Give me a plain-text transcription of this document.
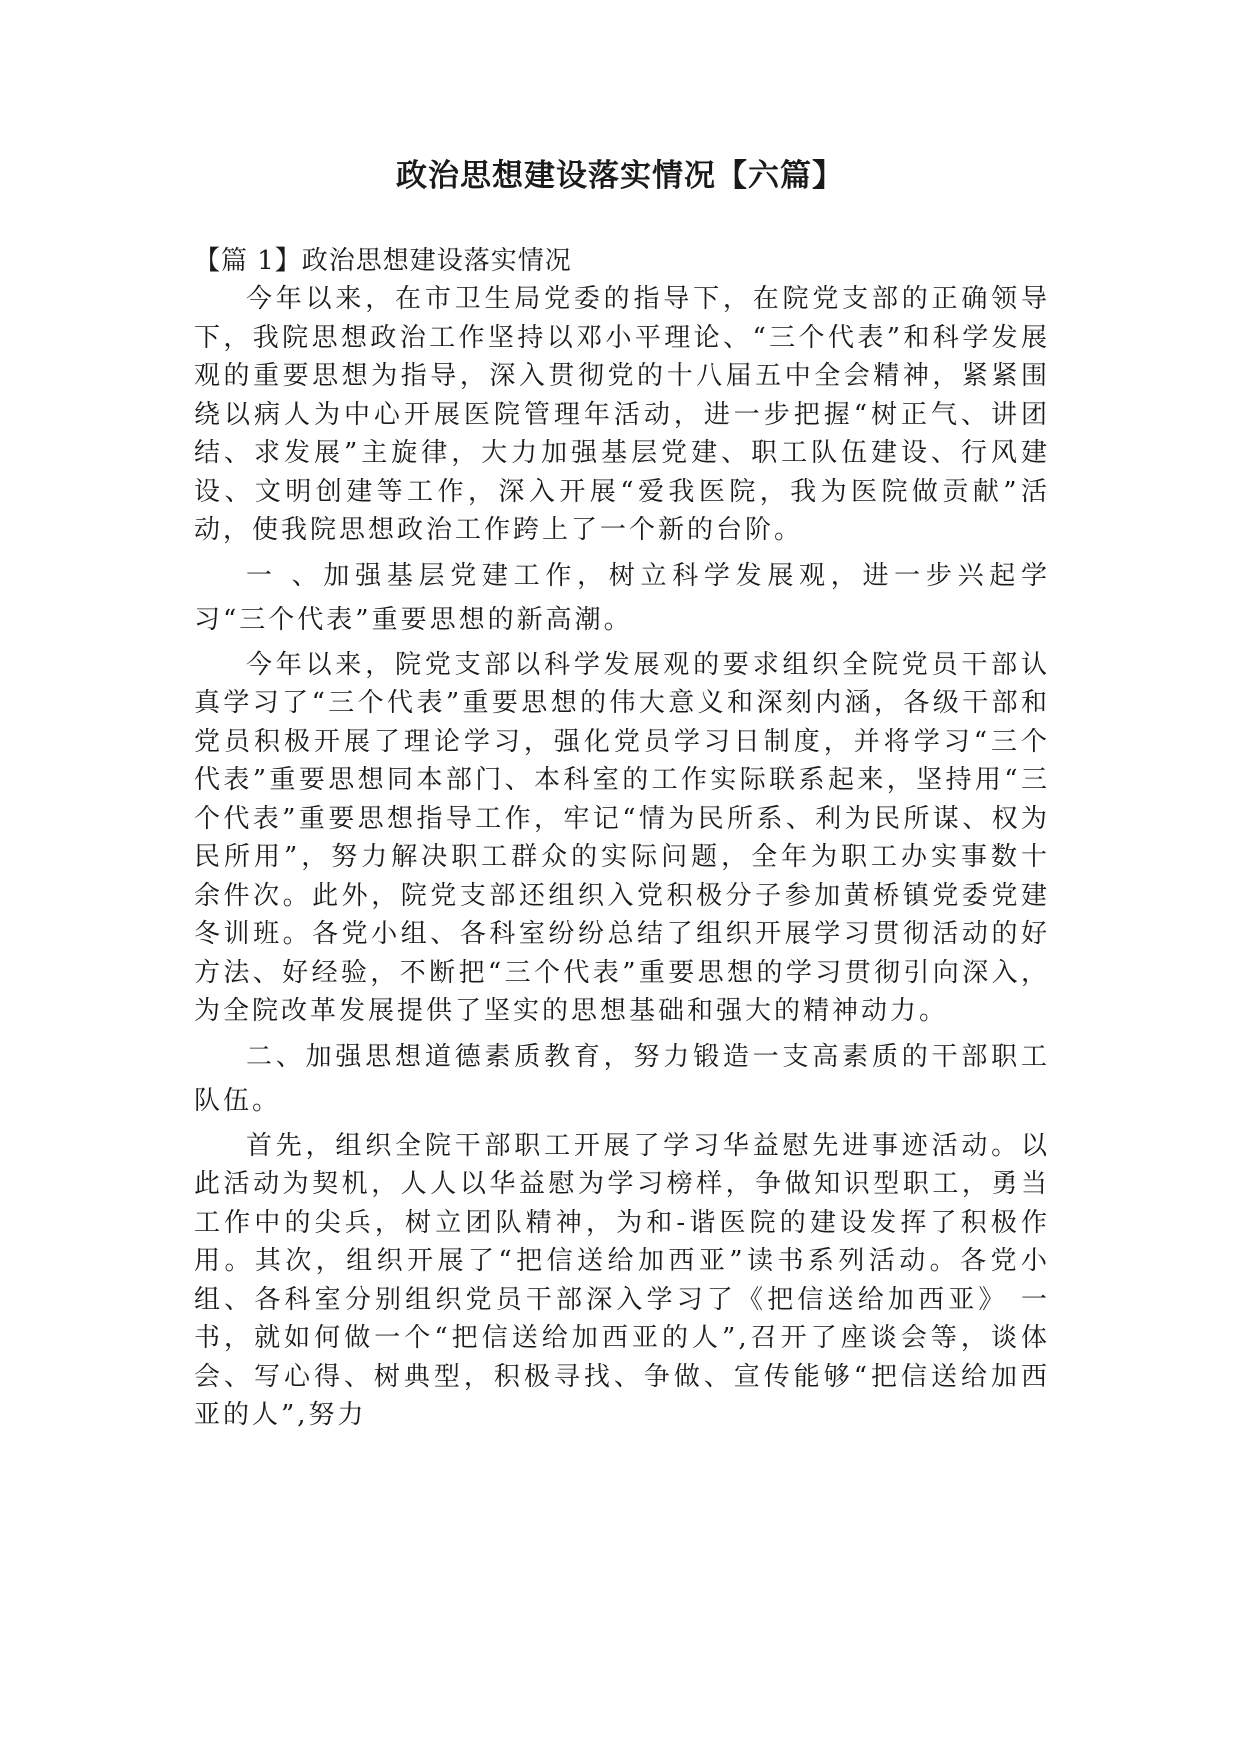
政治思想建设落实情况【六篇】

【篇 1】政治思想建设落实情况

今年以来，在市卫生局党委的指导下，在院党支部的正确领导下，我院思想政治工作坚持以邓小平理论、“三个代表”和科学发展观的重要思想为指导，深入贯彻党的十八届五中全会精神，紧紧围绕以病人为中心开展医院管理年活动，进一步把握“树正气、讲团结、求发展”主旋律，大力加强基层党建、职工队伍建设、行风建设、文明创建等工作，深入开展“爱我医院，我为医院做贡献”活动，使我院思想政治工作跨上了一个新的台阶。

一 、加强基层党建工作，树立科学发展观，进一步兴起学习“三个代表”重要思想的新高潮。

今年以来，院党支部以科学发展观的要求组织全院党员干部认真学习了“三个代表”重要思想的伟大意义和深刻内涵，各级干部和党员积极开展了理论学习，强化党员学习日制度，并将学习“三个代表”重要思想同本部门、本科室的工作实际联系起来，坚持用“三个代表”重要思想指导工作，牢记“情为民所系、利为民所谋、权为民所用”，努力解决职工群众的实际问题，全年为职工办实事数十余件次。此外，院党支部还组织入党积极分子参加黄桥镇党委党建冬训班。各党小组、各科室纷纷总结了组织开展学习贯彻活动的好方法、好经验，不断把“三个代表”重要思想的学习贯彻引向深入，为全院改革发展提供了坚实的思想基础和强大的精神动力。

二、加强思想道德素质教育，努力锻造一支高素质的干部职工队伍。

首先，组织全院干部职工开展了学习华益慰先进事迹活动。以此活动为契机，人人以华益慰为学习榜样，争做知识型职工，勇当工作中的尖兵，树立团队精神，为和-谐医院的建设发挥了积极作用。其次，组织开展了“把信送给加西亚”读书系列活动。各党小组、各科室分别组织党员干部深入学习了《把信送给加西亚》 一书，就如何做一个“把信送给加西亚的人”,召开了座谈会等，谈体会、写心得、树典型，积极寻找、争做、宣传能够“把信送给加西亚的人”,努力
